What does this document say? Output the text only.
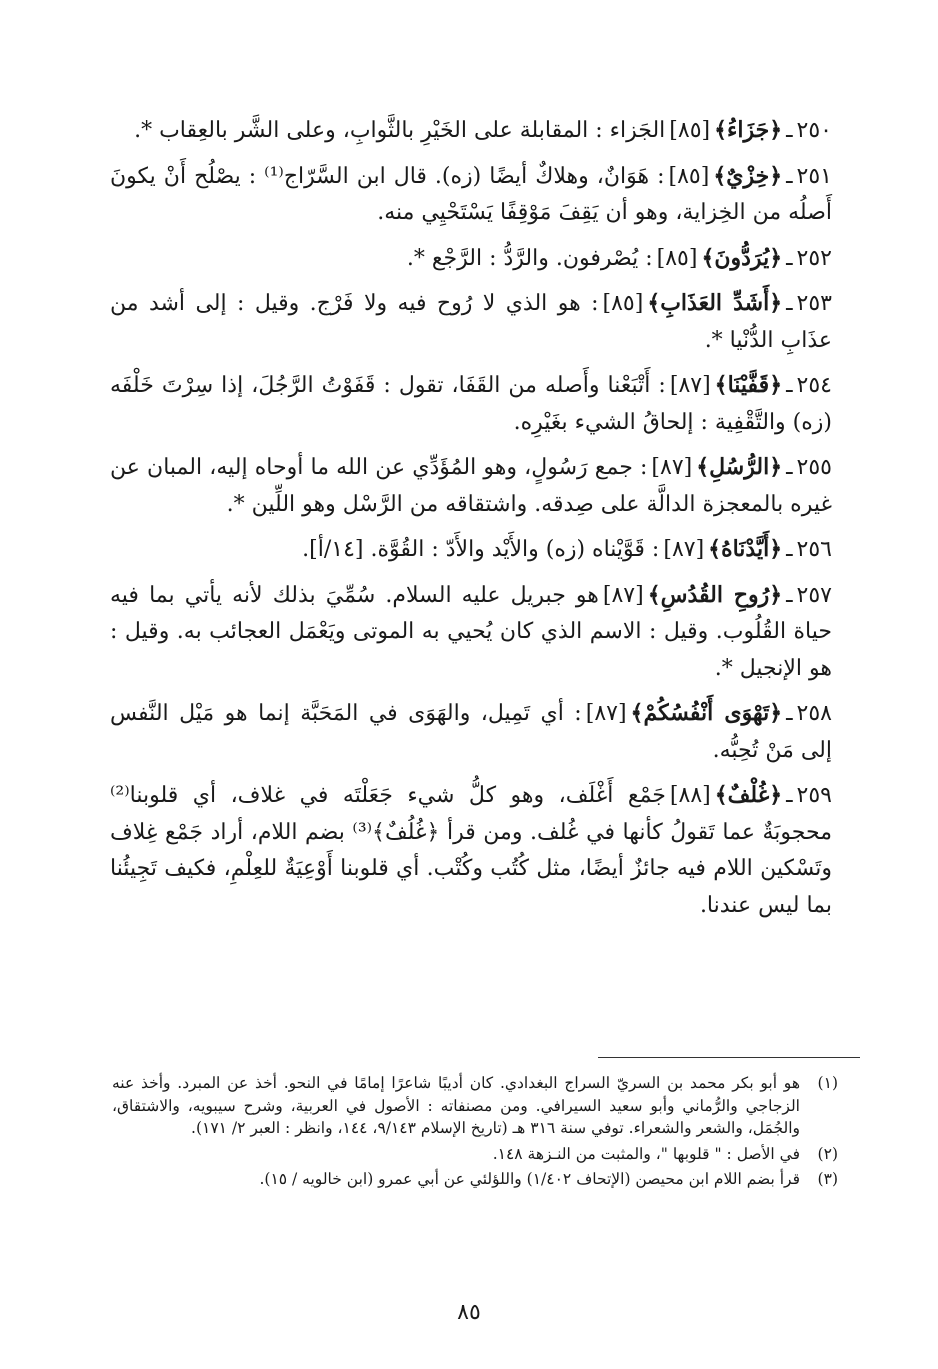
٢٥٠ـ﴿جَزَاءُ﴾[٨٥]الجَزاء : المقابلة على الخَيْرِ بالثَّوابِ، وعلى الشَّر بالعِقاب *.

٢٥١ـ﴿خِزْيٌ﴾[٨٥]: هَوَانٌ، وهلاكٌ أيضًا (زه). قال ابن السَّرّاج⁽¹⁾ : يصْلُح أَنْ يكونَ أَصلُه من الخِزاية، وهو أن يَقِفَ مَوْقِفًا يَسْتَحْيِي منه.

٢٥٢ـ﴿يُرَدُّونَ﴾[٨٥]: يُصْرفون. والرَّدُّ : الرَّجْع *.

٢٥٣ـ﴿أَشَدِّ العَذَابِ﴾[٨٥]: هو الذي لا رُوح فيه ولا فَرْج. وقيل : إلى أشد من عذَابِ الدُّنْيا *.

٢٥٤ـ﴿قَفَّيْنَا﴾[٨٧]: أَتْبَعْنا وأَصله من القَفَا، تقول : قَفَوْتُ الرَّجُلَ، إذا سِرْتَ خَلْفَه (زه) والتَّقْفِية : إلحاقُ الشيء بغَيْرِه.

٢٥٥ـ﴿الرُّسُلِ﴾[٨٧]: جمع رَسُولٍ، وهو المُؤَدِّي عن الله ما أوحاه إليه، المبان عن غيره بالمعجزة الدالَّة على صِدقه. واشتقاقه من الرَّسْل وهو اللِّين *.

٢٥٦ـ﴿أَيَّدْنَاهُ﴾[٨٧]: قَوَّيْناه (زه) والأَيْد والأَدّ : القُوَّة. [١٤/أ].

٢٥٧ـ﴿رُوحِ القُدُسِ﴾[٨٧]هو جبريل عليه السلام. سُمِّيَ بذلك لأنه يأتي بما فيه حياة القُلُوب. وقيل : الاسم الذي كان يُحيي به الموتى ويَعْمَل العجائب به. وقيل : هو الإنجيل *.

٢٥٨ـ﴿تَهْوَى أَنْفُسُكُمْ﴾[٨٧]: أي تَمِيل، والهَوَى في المَحَبَّة إنما هو مَيْل النَّفس إلى مَنْ تُحِبُّه.

٢٥٩ـ﴿غُلْفٌ﴾[٨٨]جَمْع أَغْلَف، وهو كلُّ شيء جَعَلْتَه في غلاف، أي قلوبنا⁽²⁾ محجوبَةٌ عما تَقولُ كأنها في غُلف. ومن قرأ ﴿غُلُفٌ﴾⁽³⁾ بضم اللام، أراد جَمْع غِلاف وتَسْكين اللام فيه جائزٌ أيضًا، مثل كُتُب وكُتْب. أي قلوبنا أَوْعِيَةٌ للعِلْمِ، فكيف تَجِيئُنا بما ليس عندنا.

(١)
هو أبو بكر محمد بن السريّ السراج البغدادي. كان أديبًا شاعرًا إمامًا في النحو. أخذ عن المبرد. وأخذ عنه الزجاجي والرُّماني وأبو سعيد السيرافي. ومن مصنفاته : الأصول في العربية، وشرح سيبويه، والاشتقاق، والجُمَل، والشعر والشعراء. توفي سنة ٣١٦ هـ (تاريخ الإسلام ٩/١٤٣، ١٤٤، وانظر : العبر ٢/ ١٧١).
(٢)
في الأصل : " قلوبها "، والمثبت من النـزهة ١٤٨.
(٣)
قرأ بضم اللام ابن محيصن (الإتحاف ١/٤٠٢) واللؤلئي عن أبي عمرو (ابن خالويه / ١٥).
٨٥
